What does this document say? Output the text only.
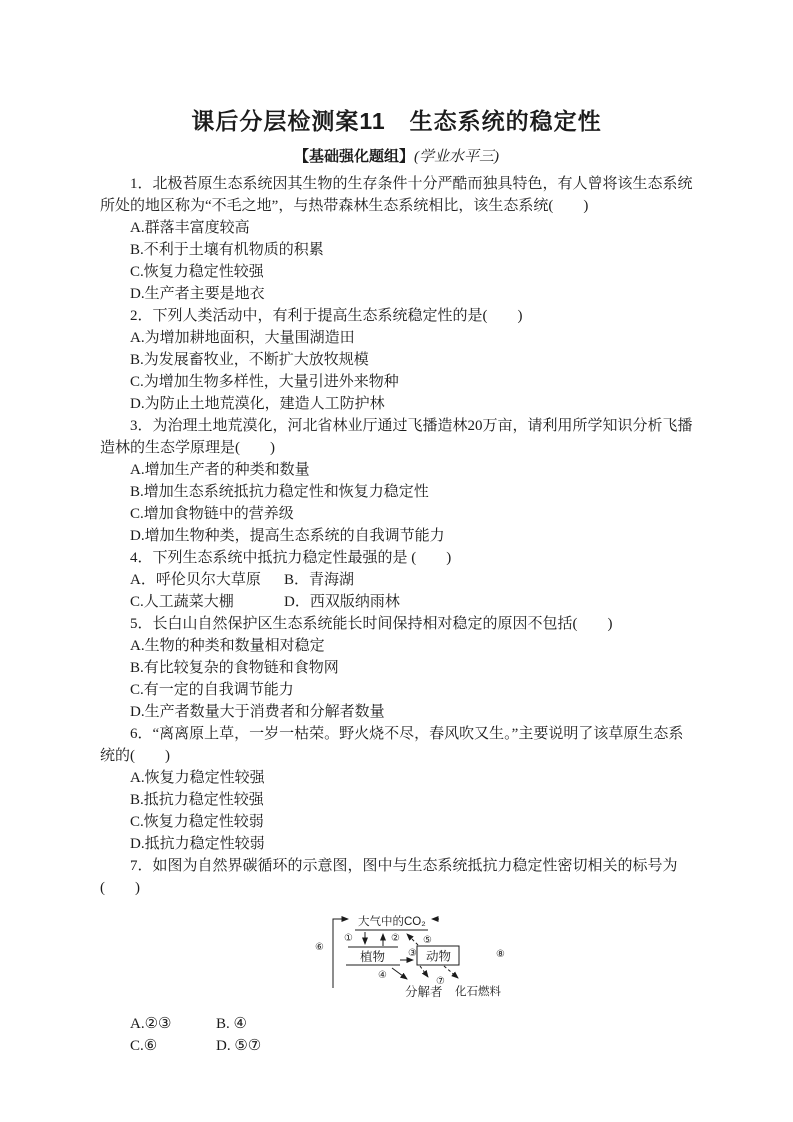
课后分层检测案11　生态系统的稳定性
【基础强化题组】(学业水平三)

1．北极苔原生态系统因其生物的生存条件十分严酷而独具特色，有人曾将该生态系统所处的地区称为“不毛之地”，与热带森林生态系统相比，该生态系统(　　)

A.群落丰富度较高

B.不利于土壤有机物质的积累

C.恢复力稳定性较强

D.生产者主要是地衣

2．下列人类活动中，有利于提高生态系统稳定性的是(　　)

A.为增加耕地面积，大量围湖造田

B.为发展畜牧业，不断扩大放牧规模

C.为增加生物多样性，大量引进外来物种

D.为防止土地荒漠化，建造人工防护林

3．为治理土地荒漠化，河北省林业厅通过飞播造林20万亩，请利用所学知识分析飞播造林的生态学原理是(　　)

A.增加生产者的种类和数量

B.增加生态系统抵抗力稳定性和恢复力稳定性

C.增加食物链中的营养级

D.增加生物种类，提高生态系统的自我调节能力

4．下列生态系统中抵抗力稳定性最强的是 (　　)

A．呼伦贝尔大草原 B．青海湖

C.人工蔬菜大棚	D．西双版纳雨林

5．长白山自然保护区生态系统能长时间保持相对稳定的原因不包括(　　)

A.生物的种类和数量相对稳定

B.有比较复杂的食物链和食物网

C.有一定的自我调节能力

D.生产者数量大于消费者和分解者数量

6．“离离原上草，一岁一枯荣。野火烧不尽，春风吹又生。”主要说明了该草原生态系统的(　　)

A.恢复力稳定性较强

B.抵抗力稳定性较强

C.恢复力稳定性较弱

D.抵抗力稳定性较弱

7．如图为自然界碳循环的示意图，图中与生态系统抵抗力稳定性密切相关的标号为(　　)

⑥
大气中的CO₂
①	② ⑤
植物 ③ 动物	⑧
④
⑦
分解者 化石燃料

A.②③	B. ④

C.⑥	D. ⑤⑦
